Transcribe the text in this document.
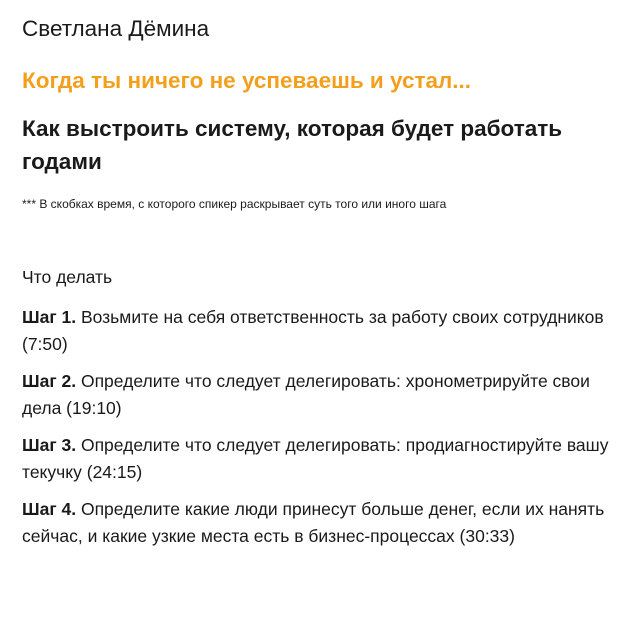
Светлана Дёмина

Когда ты ничего не успеваешь и устал...

Как выстроить систему, которая будет работать годами

*** В скобках время, с которого спикер раскрывает суть того или иного шага

Что делать

Шаг 1. Возьмите на себя ответственность за работу своих сотрудников (7:50)

Шаг 2. Определите что следует делегировать: хронометрируйте свои дела (19:10)

Шаг 3. Определите что следует делегировать: продиагностируйте вашу текучку (24:15)

Шаг 4. Определите какие люди принесут больше денег, если их нанять сейчас, и какие узкие места есть в бизнес-процессах (30:33)
